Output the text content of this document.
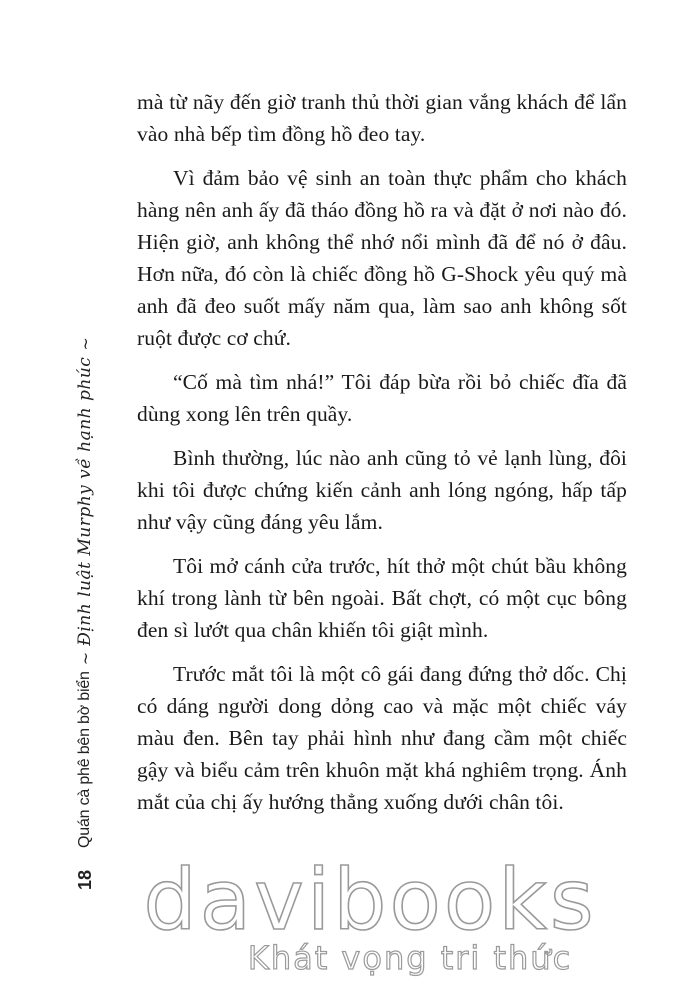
mà từ nãy đến giờ tranh thủ thời gian vắng khách để lẩn vào nhà bếp tìm đồng hồ đeo tay.

Vì đảm bảo vệ sinh an toàn thực phẩm cho khách hàng nên anh ấy đã tháo đồng hồ ra và đặt ở nơi nào đó. Hiện giờ, anh không thể nhớ nổi mình đã để nó ở đâu. Hơn nữa, đó còn là chiếc đồng hồ G-Shock yêu quý mà anh đã đeo suốt mấy năm qua, làm sao anh không sốt ruột được cơ chứ.

“Cố mà tìm nhá!” Tôi đáp bừa rồi bỏ chiếc đĩa đã dùng xong lên trên quầy.

Bình thường, lúc nào anh cũng tỏ vẻ lạnh lùng, đôi khi tôi được chứng kiến cảnh anh lóng ngóng, hấp tấp như vậy cũng đáng yêu lắm.

Tôi mở cánh cửa trước, hít thở một chút bầu không khí trong lành từ bên ngoài. Bất chợt, có một cục bông đen sì lướt qua chân khiến tôi giật mình.

Trước mắt tôi là một cô gái đang đứng thở dốc. Chị có dáng người dong dỏng cao và mặc một chiếc váy màu đen. Bên tay phải hình như đang cầm một chiếc gậy và biểu cảm trên khuôn mặt khá nghiêm trọng. Ánh mắt của chị ấy hướng thẳng xuống dưới chân tôi.

18
Quán cà phê bên bờ biển
~
Định luật Murphy về hạnh phúc
~
davibooks
Khát vọng tri thức
